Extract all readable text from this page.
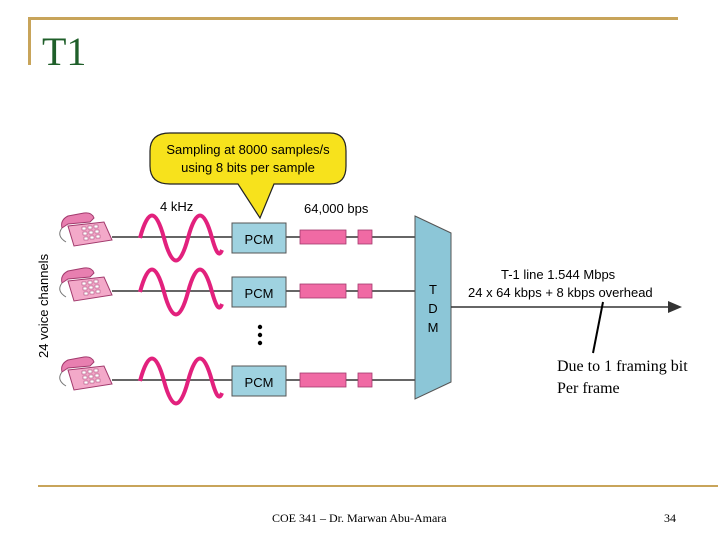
T1
24 voice channels
Sampling at 8000 samples/s
using 8 bits per sample
4 kHz	64,000 bps
PCM
PCM
PCM
T
D
M
T-1 line 1.544 Mbps
24 x 64 kbps + 8 kbps overhead
Due to 1 framing bit
Per frame
COE 341 – Dr. Marwan Abu-Amara	34
